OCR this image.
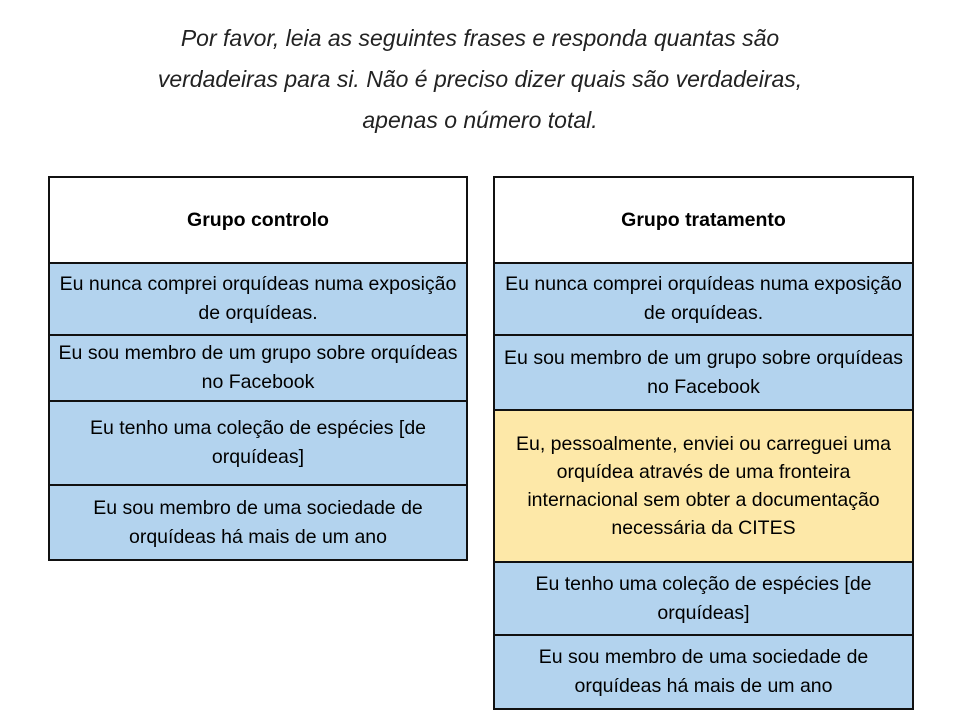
Por favor, leia as seguintes frases e responda quantas são
verdadeiras para si. Não é preciso dizer quais são verdadeiras,
apenas o número total.
Grupo controlo
Eu nunca comprei orquídeas numa exposição de orquídeas.
Eu sou membro de um grupo sobre orquídeas no Facebook
Eu tenho uma coleção de espécies [de orquídeas]
Eu sou membro de uma sociedade de orquídeas há mais de um ano
Grupo tratamento
Eu nunca comprei orquídeas numa exposição de orquídeas.
Eu sou membro de um grupo sobre orquídeas no Facebook
Eu, pessoalmente, enviei ou carreguei uma orquídea através de uma fronteira internacional sem obter a documentação necessária da CITES
Eu tenho uma coleção de espécies [de orquídeas]
Eu sou membro de uma sociedade de orquídeas há mais de um ano
